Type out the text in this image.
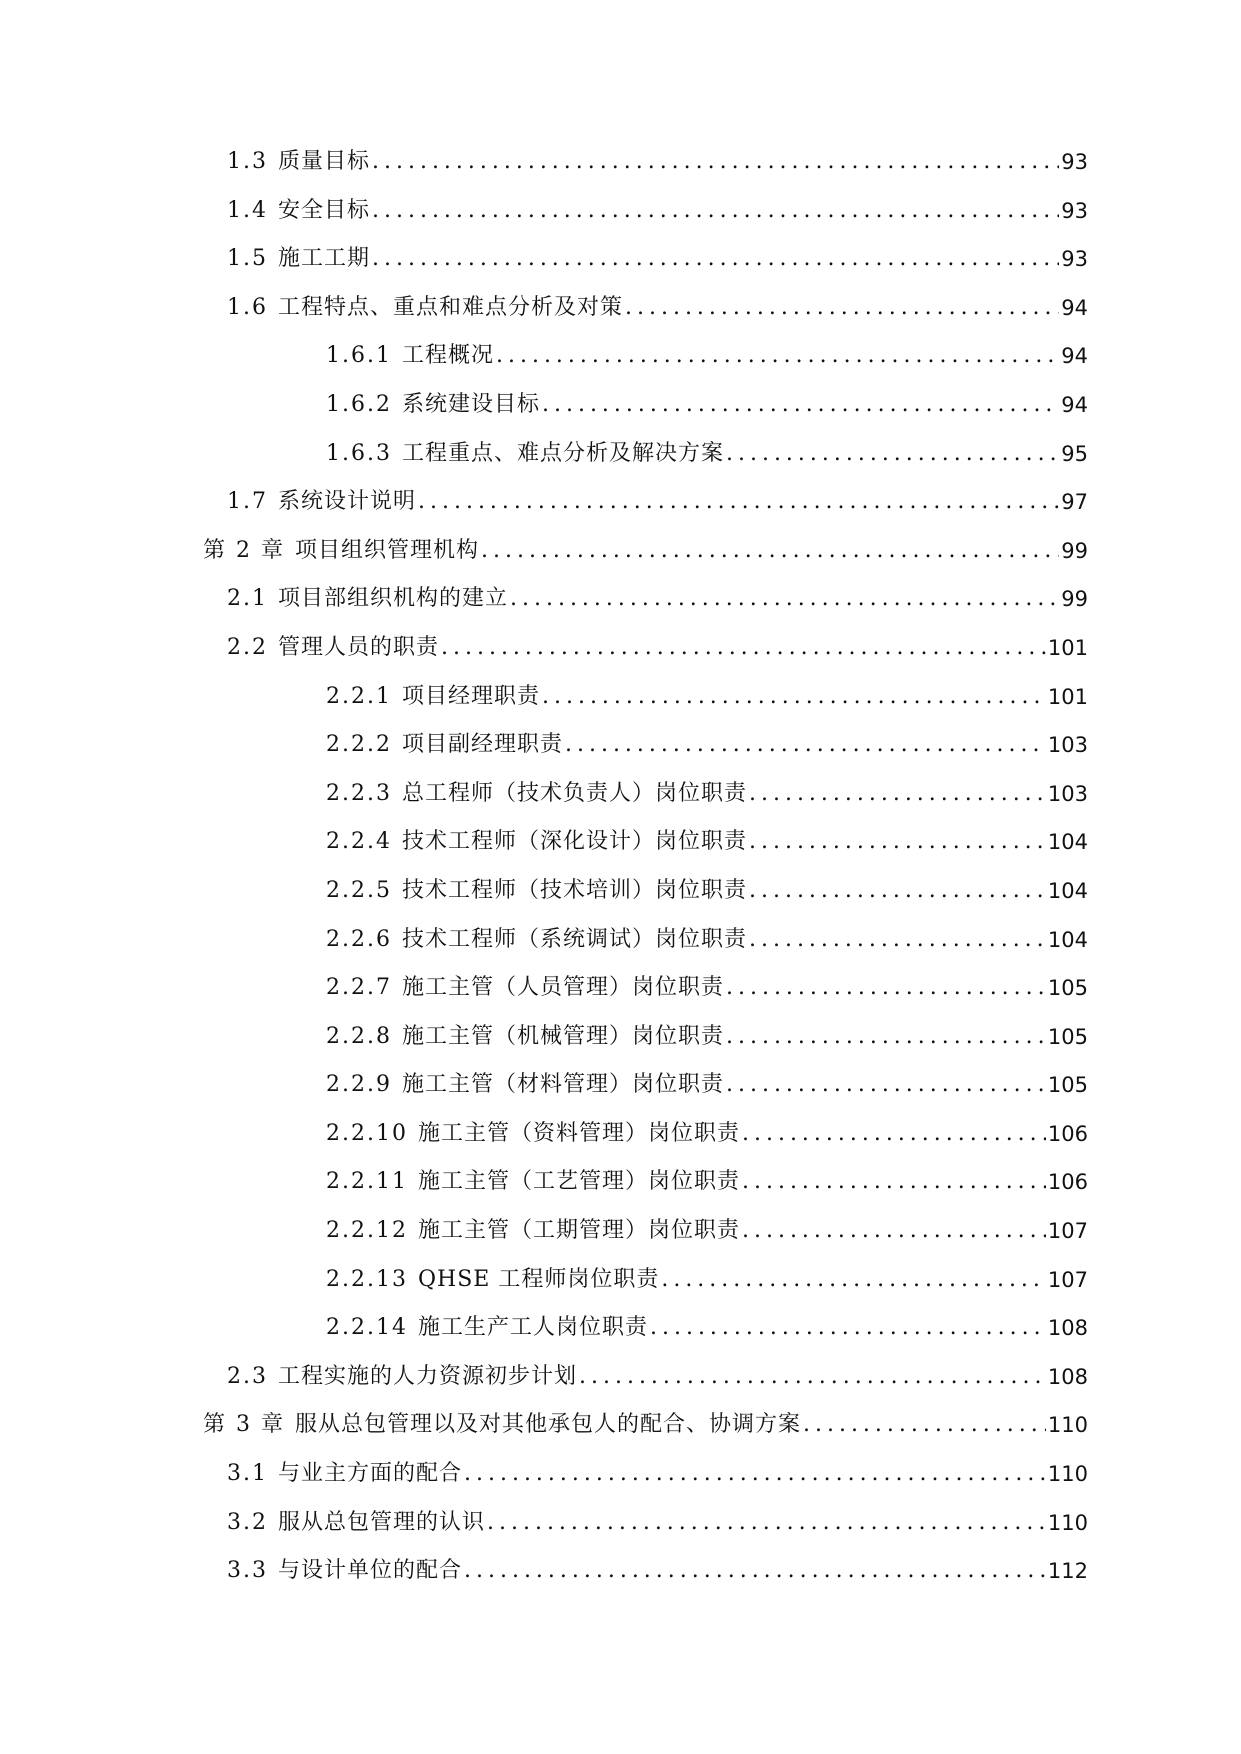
1.3 质量目标 . . .	93
1.4 安全目标 . . .	93
1.5 施工工期 . . .	93
1.6 工程特点、重点和难点分析及对策 . . .	94
1.6.1 工程概况 . . .	94
1.6.2 系统建设目标 . . .	94
1.6.3 工程重点、难点分析及解决方案 . . .	95
1.7 系统设计说明 . . .	97
第 2 章 项目组织管理机构 . . .	99
2.1 项目部组织机构的建立 . . .	99
2.2 管理人员的职责 . . .	101
2.2.1 项目经理职责 . . .	101
2.2.2 项目副经理职责 . . .	103
2.2.3 总工程师（技术负责人）岗位职责 . . .	103
2.2.4 技术工程师（深化设计）岗位职责 . . .	104
2.2.5 技术工程师（技术培训）岗位职责 . . .	104
2.2.6 技术工程师（系统调试）岗位职责 . . .	104
2.2.7 施工主管（人员管理）岗位职责 . . .	105
2.2.8 施工主管（机械管理）岗位职责 . . .	105
2.2.9 施工主管（材料管理）岗位职责 . . .	105
2.2.10 施工主管（资料管理）岗位职责 . . .	106
2.2.11 施工主管（工艺管理）岗位职责 . . .	106
2.2.12 施工主管（工期管理）岗位职责 . . .	107
2.2.13 QHSE 工程师岗位职责 . . .	107
2.2.14 施工生产工人岗位职责 . . .	108
2.3 工程实施的人力资源初步计划 . . .	108
第 3 章 服从总包管理以及对其他承包人的配合、协调方案 . . .	110
3.1 与业主方面的配合 . . .	110
3.2 服从总包管理的认识 . . .	110
3.3 与设计单位的配合 . . .	112
